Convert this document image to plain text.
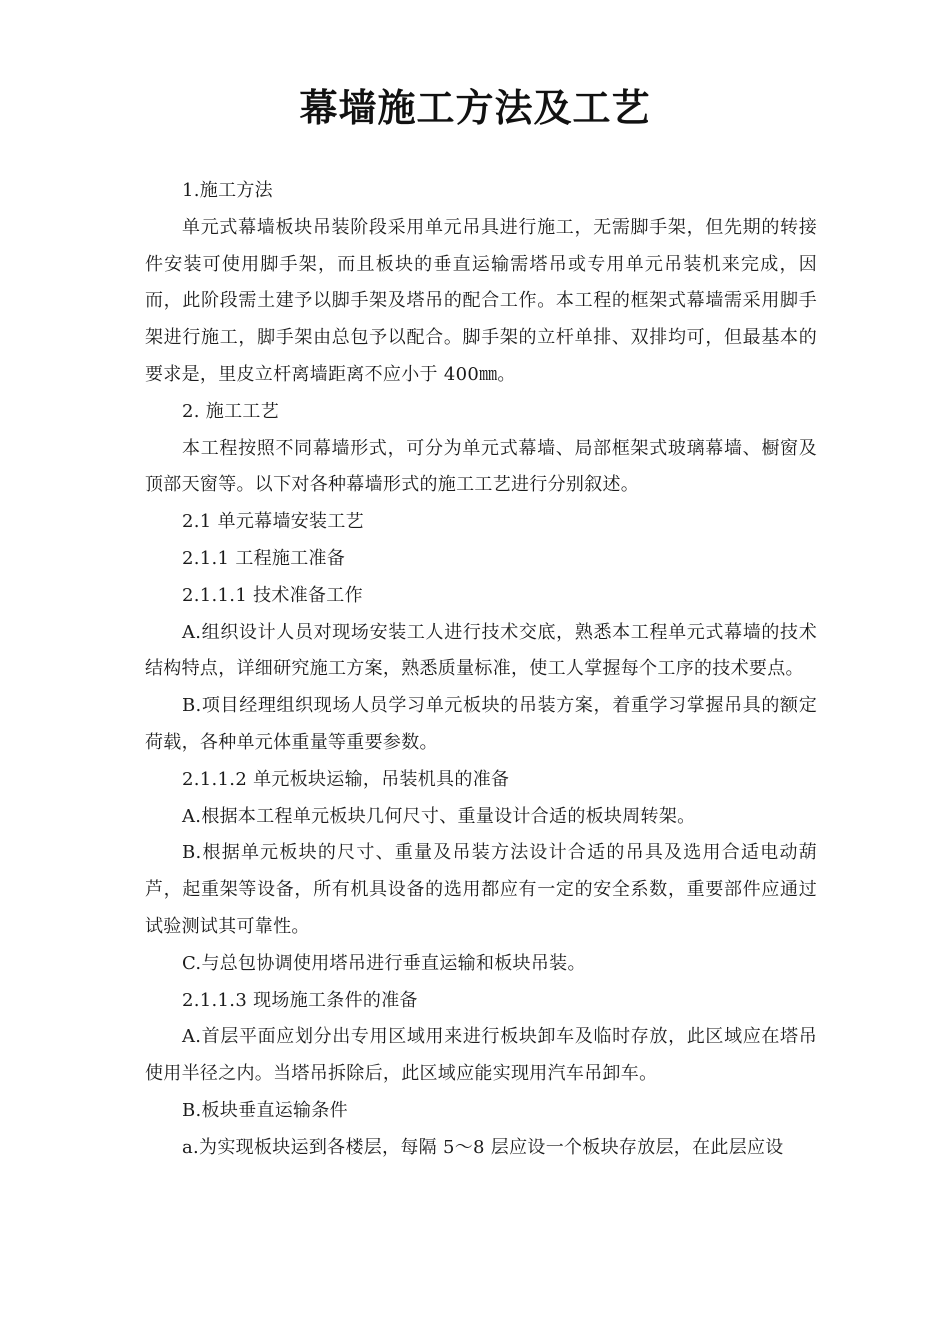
幕墙施工方法及工艺

1.施工方法

单元式幕墙板块吊装阶段采用单元吊具进行施工，无需脚手架，但先期的转接件安装可使用脚手架，而且板块的垂直运输需塔吊或专用单元吊装机来完成，因而，此阶段需土建予以脚手架及塔吊的配合工作。本工程的框架式幕墙需采用脚手架进行施工，脚手架由总包予以配合。脚手架的立杆单排、双排均可，但最基本的要求是，里皮立杆离墙距离不应小于 400㎜。

2. 施工工艺

本工程按照不同幕墙形式，可分为单元式幕墙、局部框架式玻璃幕墙、橱窗及顶部天窗等。以下对各种幕墙形式的施工工艺进行分别叙述。

2.1 单元幕墙安装工艺

2.1.1 工程施工准备

2.1.1.1 技术准备工作

A.组织设计人员对现场安装工人进行技术交底，熟悉本工程单元式幕墙的技术结构特点，详细研究施工方案，熟悉质量标准，使工人掌握每个工序的技术要点。

B.项目经理组织现场人员学习单元板块的吊装方案，着重学习掌握吊具的额定荷载，各种单元体重量等重要参数。

2.1.1.2 单元板块运输，吊装机具的准备

A.根据本工程单元板块几何尺寸、重量设计合适的板块周转架。

B.根据单元板块的尺寸、重量及吊装方法设计合适的吊具及选用合适电动葫芦，起重架等设备，所有机具设备的选用都应有一定的安全系数，重要部件应通过试验测试其可靠性。

C.与总包协调使用塔吊进行垂直运输和板块吊装。

2.1.1.3 现场施工条件的准备

A.首层平面应划分出专用区域用来进行板块卸车及临时存放，此区域应在塔吊使用半径之内。当塔吊拆除后，此区域应能实现用汽车吊卸车。

B.板块垂直运输条件

a.为实现板块运到各楼层，每隔 5～8 层应设一个板块存放层，在此层应设
